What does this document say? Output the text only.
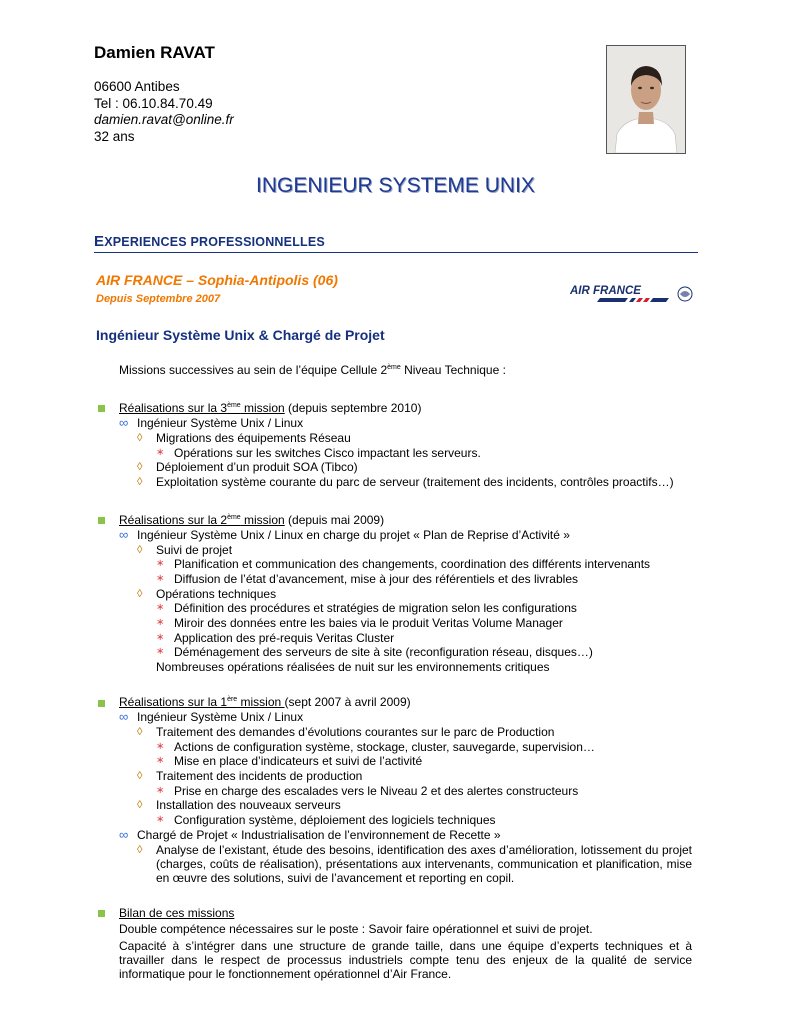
Damien RAVAT
06600 Antibes
Tel : 06.10.84.70.49
damien.ravat@online.fr
32 ans
INGENIEUR SYSTEME UNIX
EXPERIENCES PROFESSIONNELLES
AIR FRANCE – Sophia-Antipolis (06)
Depuis Septembre 2007
AIR FRANCE
Ingénieur Système Unix & Chargé de Projet
Missions successives au sein de l’équipe Cellule 2ème Niveau Technique :
Réalisations sur la 3ème mission (depuis septembre 2010)
∞ Ingénieur Système Unix / Linux
◊ Migrations des équipements Réseau
∗ Opérations sur les switches Cisco impactant les serveurs.
◊ Déploiement d’un produit SOA (Tibco)
◊ Exploitation système courante du parc de serveur (traitement des incidents, contrôles proactifs…)
Réalisations sur la 2ème mission (depuis mai 2009)
∞ Ingénieur Système Unix / Linux en charge du projet « Plan de Reprise d’Activité »
◊ Suivi de projet
∗ Planification et communication des changements, coordination des différents intervenants
∗ Diffusion de l’état d’avancement, mise à jour des référentiels et des livrables
◊ Opérations techniques
∗ Définition des procédures et stratégies de migration selon les configurations
∗ Miroir des données entre les baies via le produit Veritas Volume Manager
∗ Application des pré-requis Veritas Cluster
∗ Déménagement des serveurs de site à site (reconfiguration réseau, disques…)
Nombreuses opérations réalisées de nuit sur les environnements critiques
Réalisations sur la 1ère mission (sept 2007 à avril 2009)
∞ Ingénieur Système Unix / Linux
◊ Traitement des demandes d’évolutions courantes sur le parc de Production
∗ Actions de configuration système, stockage, cluster, sauvegarde, supervision…
∗ Mise en place d’indicateurs et suivi de l’activité
◊ Traitement des incidents de production
∗ Prise en charge des escalades vers le Niveau 2 et des alertes constructeurs
◊ Installation des nouveaux serveurs
∗ Configuration système, déploiement des logiciels techniques
∞ Chargé de Projet « Industrialisation de l’environnement de Recette »
◊ Analyse de l’existant, étude des besoins, identification des axes d’amélioration, lotissement du projet (charges, coûts de réalisation), présentations aux intervenants, communication et planification, mise en œuvre des solutions, suivi de l’avancement et reporting en copil.
Bilan de ces missions
Double compétence nécessaires sur le poste : Savoir faire opérationnel et suivi de projet.
Capacité à s’intégrer dans une structure de grande taille, dans une équipe d’experts techniques et à travailler dans le respect de processus industriels compte tenu des enjeux de la qualité de service informatique pour le fonctionnement opérationnel d’Air France.
